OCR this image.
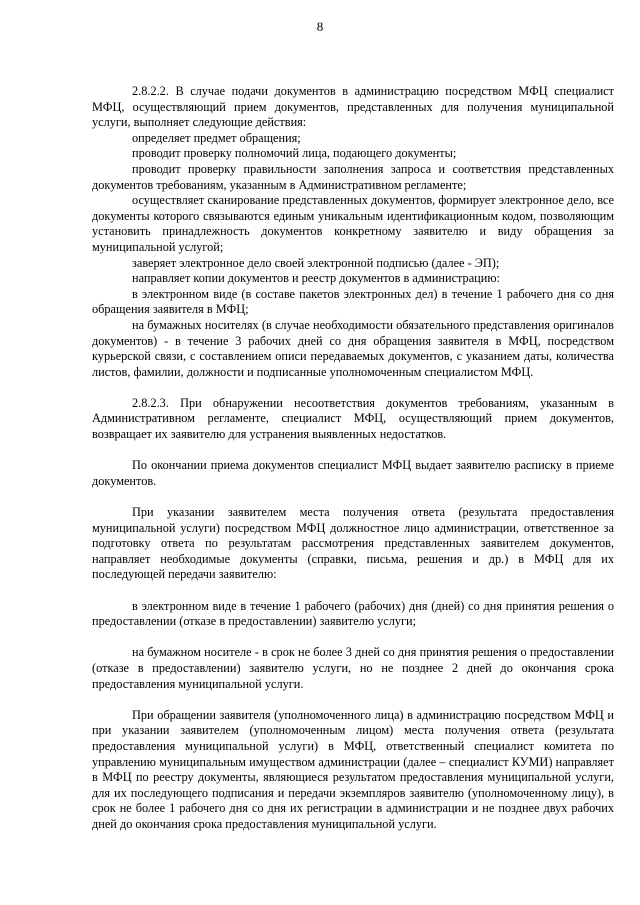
8

2.8.2.2. В случае подачи документов в администрацию посредством МФЦ специалист МФЦ, осуществляющий прием документов, представленных для получения муниципальной услуги, выполняет следующие действия:

определяет предмет обращения;

проводит проверку полномочий лица, подающего документы;

проводит проверку правильности заполнения запроса и соответствия представленных документов требованиям, указанным в Административном регламенте;

осуществляет сканирование представленных документов, формирует электронное дело, все документы которого связываются единым уникальным идентификационным кодом, позволяющим установить принадлежность документов конкретному заявителю и виду обращения за муниципальной услугой;

заверяет электронное дело своей электронной подписью (далее - ЭП);

направляет копии документов и реестр документов в администрацию:

в электронном виде (в составе пакетов электронных дел) в течение 1 рабочего дня со дня обращения заявителя в МФЦ;

на бумажных носителях (в случае необходимости обязательного представления оригиналов документов) - в течение 3 рабочих дней со дня обращения заявителя в МФЦ, посредством курьерской связи, с составлением описи передаваемых документов, с указанием даты, количества листов, фамилии, должности и подписанные уполномоченным специалистом МФЦ.

2.8.2.3. При обнаружении несоответствия документов требованиям, указанным в Административном регламенте, специалист МФЦ, осуществляющий прием документов, возвращает их заявителю для устранения выявленных недостатков.

По окончании приема документов специалист МФЦ выдает заявителю расписку в приеме документов.

При указании заявителем места получения ответа (результата предоставления муниципальной услуги) посредством МФЦ должностное лицо администрации, ответственное за подготовку ответа по результатам рассмотрения представленных заявителем документов, направляет необходимые документы (справки, письма, решения и др.) в МФЦ для их последующей передачи заявителю:

в электронном виде в течение 1 рабочего (рабочих) дня (дней) со дня принятия решения о предоставлении (отказе в предоставлении) заявителю услуги;

на бумажном носителе - в срок не более 3 дней со дня принятия решения о предоставлении (отказе в предоставлении) заявителю услуги, но не позднее 2 дней до окончания срока предоставления муниципальной услуги.

При обращении заявителя (уполномоченного лица) в администрацию посредством МФЦ и при указании заявителем (уполномоченным лицом) места получения ответа (результата предоставления муниципальной услуги) в МФЦ, ответственный специалист комитета по управлению муниципальным имуществом администрации (далее – специалист КУМИ) направляет в МФЦ по реестру документы, являющиеся результатом предоставления муниципальной услуги, для их последующего подписания и передачи экземпляров заявителю (уполномоченному лицу), в срок не более 1 рабочего дня со дня их регистрации в администрации и не позднее двух рабочих дней до окончания срока предоставления муниципальной услуги.
